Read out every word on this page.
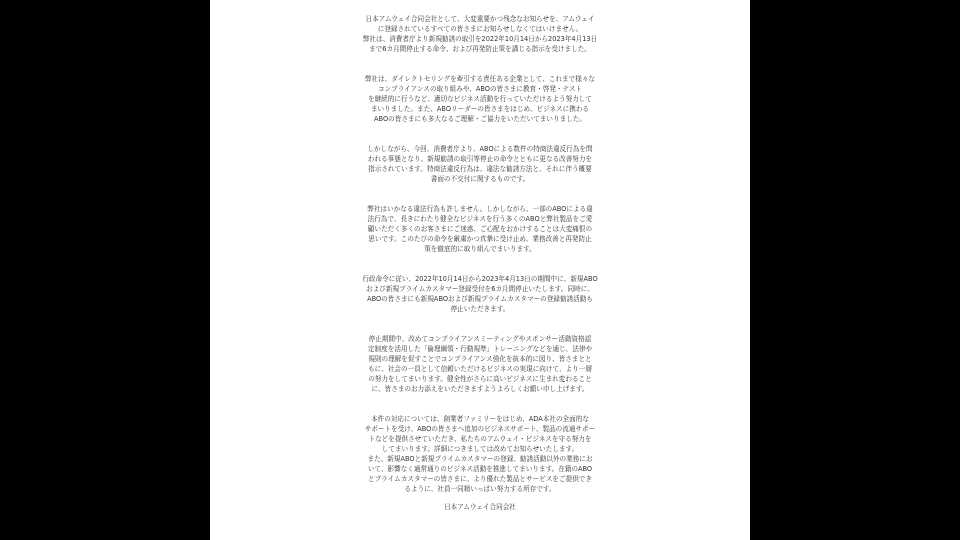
日本アムウェイ合同会社として、大変重要かつ残念なお知らせを、アムウェイ
に登録されているすべての皆さまにお知らせしなくてはいけません。
弊社は、消費者庁より新規勧誘の取引を2022年10月14日から2023年4月13日
まで6カ月間停止する命令、および再発防止策を講じる指示を受けました。

弊社は、ダイレクトセリングを牽引する責任ある企業として、これまで様々な
コンプライアンスの取り組みや、ABOの皆さまに教育・啓発・テスト
を継続的に行うなど、適切なビジネス活動を行っていただけるよう努力して
まいりました。また、ABOリーダーの皆さまをはじめ、ビジネスに携わる
ABOの皆さまにも多大なるご理解・ご協力をいただいてまいりました。

しかしながら、今回、消費者庁より、ABOによる数件の特商法違反行為を問
われる事態となり、新規勧誘の取引等停止の命令とともに更なる改善努力を
指示されています。特商法違反行為は、違法な勧誘方法と、それに伴う概要
書面の不交付に関するものです。

弊社はいかなる違法行為も許しません。しかしながら、一部のABOによる違
法行為で、長きにわたり健全なビジネスを行う多くのABOと弊社製品をご愛
顧いただく多くのお客さまにご迷惑、ご心配をおかけすることは大変痛恨の
思いです。このたびの命令を厳粛かつ真摯に受け止め、業務改善と再発防止
策を徹底的に取り組んでまいります。

行政命令に従い、2022年10月14日から2023年4月13日の期間中に、新規ABO
および新規プライムカスタマー登録受付を6カ月間停止いたします。同時に、
ABOの皆さまにも新規ABOおよび新規プライムカスタマーの登録勧誘活動も
停止いただきます。

停止期間中、改めてコンプライアンスミーティングやスポンサー活動資格認
定制度を活用した「倫理綱領・行動規準」トレーニングなどを通じ、法律や
規則の理解を促すことでコンプライアンス強化を抜本的に図り、皆さまとと
もに、社会の一員として信頼いただけるビジネスの実現に向けて、より一層
の努力をしてまいります。健全性がさらに高いビジネスに生まれ変わること
に、皆さまのお力添えをいただきますようよろしくお願い申し上げます。

本件の対応については、創業者ファミリーをはじめ、ADA本社の全面的な
サポートを受け、ABOの皆さまへ追加のビジネスサポート、製品の流通サポー
トなどを提供させていただき、私たちのアムウェイ・ビジネスを守る努力を
してまいります。詳細につきましては改めてお知らせいたします。
また、新規ABOと新規プライムカスタマーの登録、勧誘活動以外の業務にお
いて、影響なく通常通りのビジネス活動を推進してまいります。在籍のABO
とプライムカスタマーの皆さまに、より優れた製品とサービスをご提供でき
るように、社員一同精いっぱい努力する所存です。

日本アムウェイ合同会社
